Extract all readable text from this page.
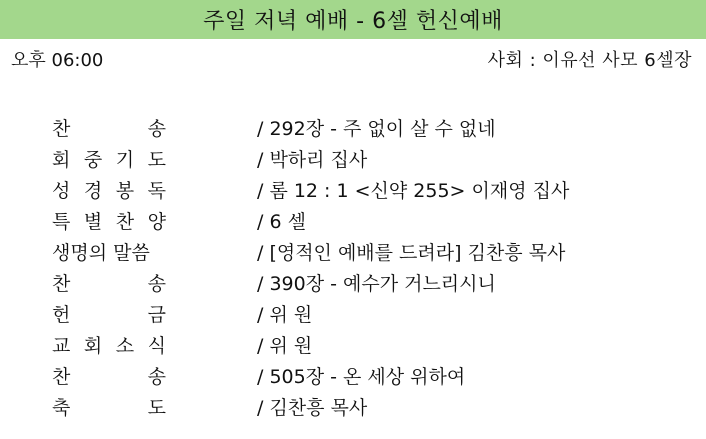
주일 저녁 예배 - 6셀 헌신예배
오후 06:00	사회 : 이유선 사모 6셀장
찬	송	/ 292장 - 주 없이 살 수 없네
회 중 기 도	/ 박하리 집사
성 경 봉 독	/ 롬 12 : 1 <신약 255> 이재영 집사
특 별 찬 양	/ 6 셀
생명의 말씀	/ [영적인 예배를 드려라] 김찬흥 목사
찬	송	/ 390장 - 예수가 거느리시니
헌	금	/ 위 원
교 회 소 식	/ 위 원
찬	송	/ 505장 - 온 세상 위하여
축	도	/ 김찬흥 목사
